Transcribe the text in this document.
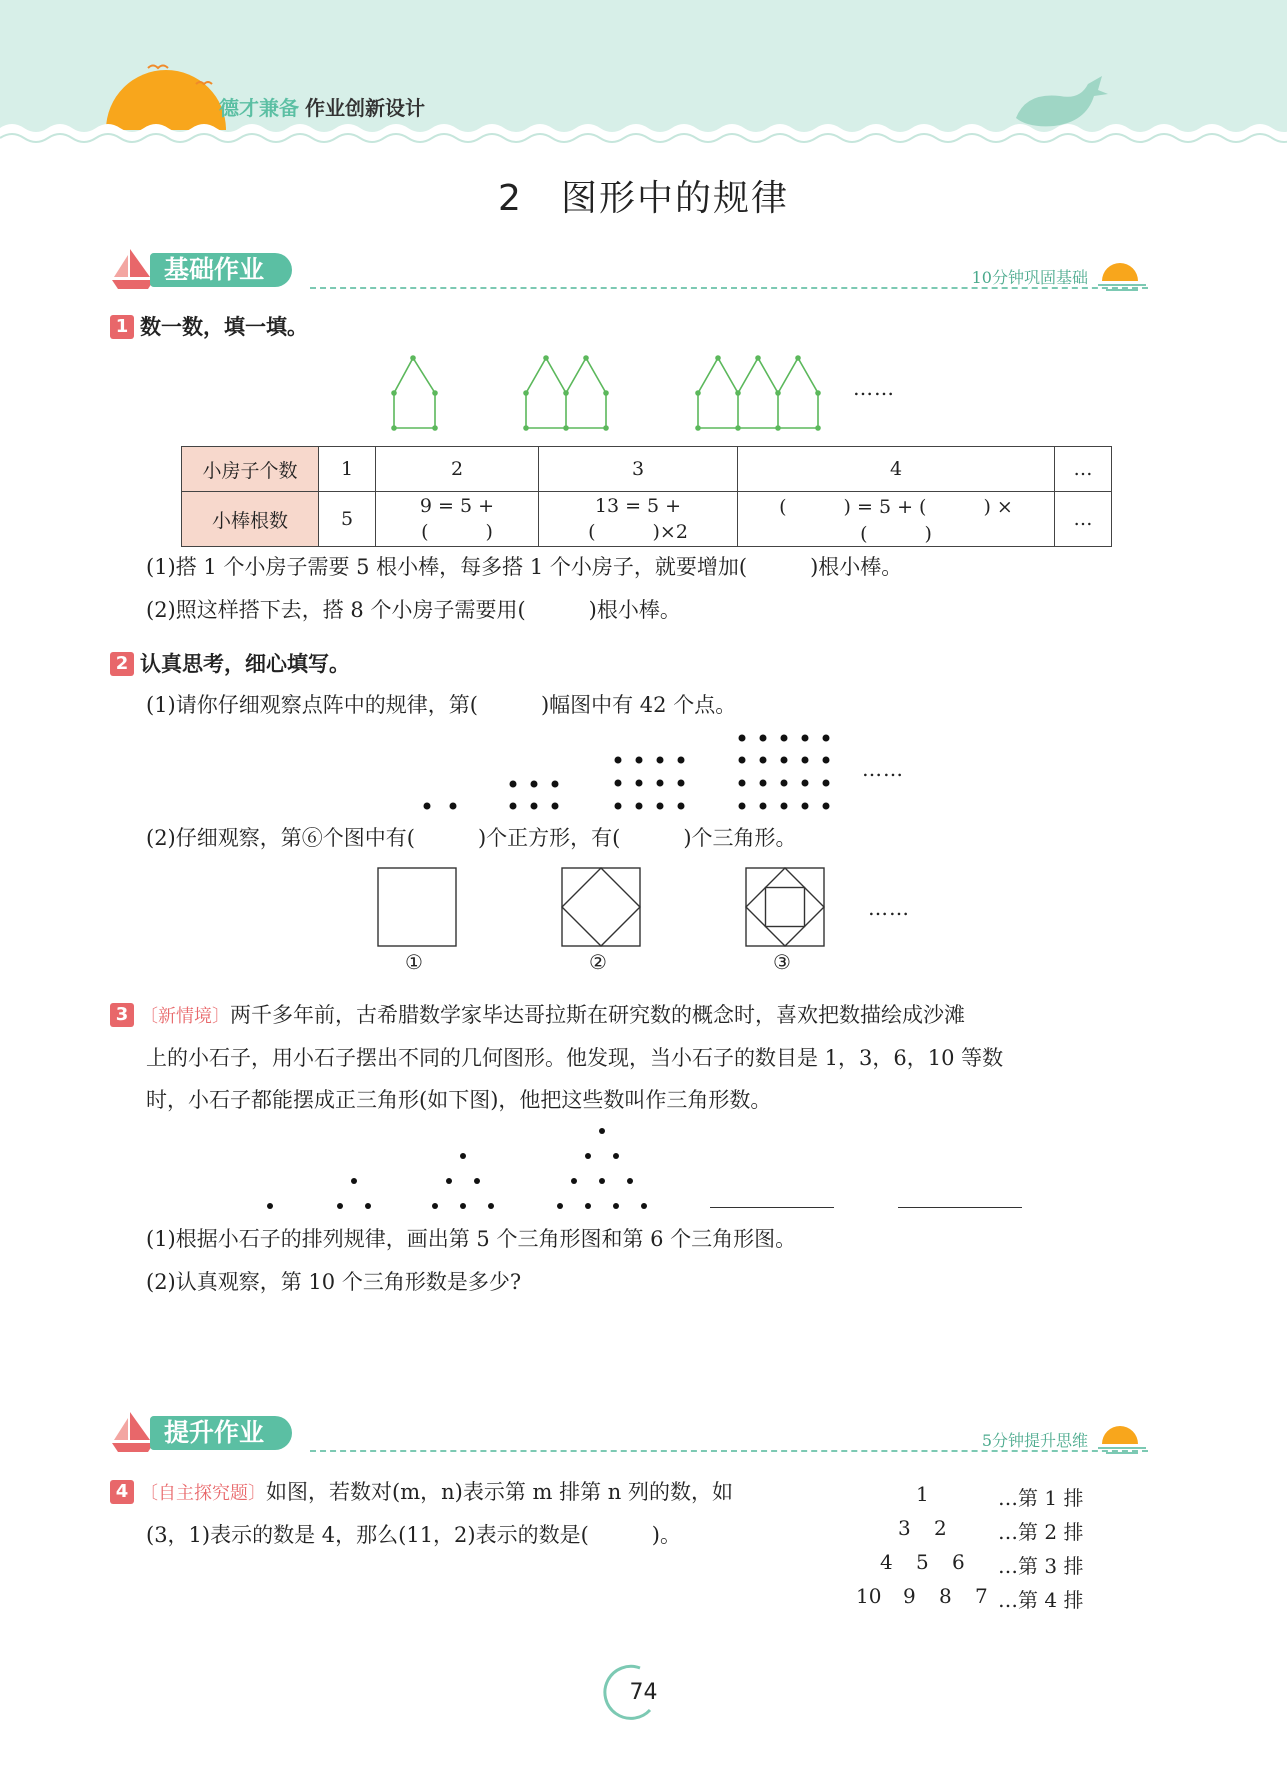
德才兼备 作业创新设计
2　图形中的规律
基础作业	10分钟巩固基础
1 数一数，填一填。
……
小房子个数	1	2	3	4	…
小棒根数	5	9 = 5 + (　　　)	13 = 5 + (　　　)×2	(　　　) = 5 + (　　　) × (　　　)	…
(1)搭 1 个小房子需要 5 根小棒，每多搭 1 个小房子，就要增加(　　　)根小棒。
(2)照这样搭下去，搭 8 个小房子需要用(　　　)根小棒。
2 认真思考，细心填写。
(1)请你仔细观察点阵中的规律，第(　　　)幅图中有 42 个点。
……
(2)仔细观察，第⑥个图中有(　　　)个正方形，有(　　　)个三角形。
……
①	②	③
3 〔新情境〕两千多年前，古希腊数学家毕达哥拉斯在研究数的概念时，喜欢把数描绘成沙滩
上的小石子，用小石子摆出不同的几何图形。他发现，当小石子的数目是 1，3，6，10 等数
时，小石子都能摆成正三角形(如下图)，他把这些数叫作三角形数。
(1)根据小石子的排列规律，画出第 5 个三角形图和第 6 个三角形图。
(2)认真观察，第 10 个三角形数是多少?
提升作业	5分钟提升思维
4 〔自主探究题〕如图，若数对(m，n)表示第 m 排第 n 列的数，如
(3，1)表示的数是 4，那么(11，2)表示的数是(　　　)。
1	…第 1 排
3 2	…第 2 排
4 5 6 …第 3 排
10 9 8 7 …第 4 排
74
